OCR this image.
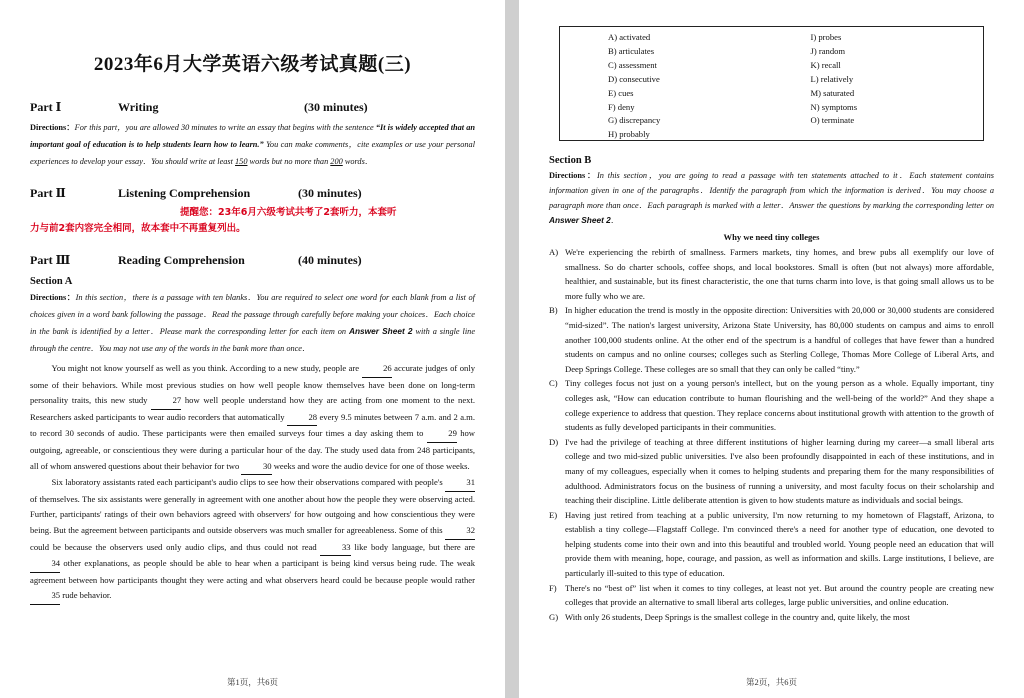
2023年6月大学英语六级考试真题(三)
Part Ⅰ	Writing	(30 minutes)
Directions：For this part，you are allowed 30 minutes to write an essay that begins with the sentence “It is widely accepted that an important goal of education is to help students learn how to learn.” You can make comments，cite examples or use your personal experiences to develop your essay．You should write at least 150 words but no more than 200 words．
Part Ⅱ	Listening Comprehension	(30 minutes)
提醒您：23年6月六级考试共考了2套听力，本套听
力与前2套内容完全相同，故本套中不再重复列出。
Part Ⅲ	Reading Comprehension	(40 minutes)
Section A
Directions：In this section，there is a passage with ten blanks．You are required to select one word for each blank from a list of choices given in a word bank following the passage．Read the passage through carefully before making your choices．Each choice in the bank is identified by a letter．Please mark the corresponding letter for each item on Answer Sheet 2 with a single line through the centre．You may not use any of the words in the bank more than once．

You might not know yourself as well as you think. According to a new study, people are	26 accurate judges of only some of their behaviors. While most previous studies on how well people know themselves have been done on long-term personality traits, this new study	27 how well people understand how they are acting from one moment to the next. Researchers asked participants to wear audio recorders that automatically	28 every 9.5 minutes between 7 a.m. and 2 a.m. to record 30 seconds of audio. These participants were then emailed surveys four times a day asking them to	29 how outgoing, agreeable, or conscientious they were during a particular hour of the day. The study used data from 248 participants, all of whom answered questions about their behavior for two	30 weeks and wore the audio device for one of those weeks.

Six laboratory assistants rated each participant's audio clips to see how their observations compared with people's	31 of themselves. The six assistants were generally in agreement with one another about how the people they were observing acted. Further, participants' ratings of their own behaviors agreed with observers' for how outgoing and how conscientious they were being. But the agreement between participants and outside observers was much smaller for agreeableness. Some of this	32 could be because the observers used only audio clips, and thus could not read	33 like body language, but there are 34 other explanations, as people should be able to hear when a participant is being kind versus being rude. The weak agreement between how participants thought they were acting and what observers heard could be because people would rather 35 rude behavior.

第1页，共6页
A) activated
B) articulates
C) assessment
D) consecutive
E) cues
F) deny
G) discrepancy
H) probably
I) probes
J) random
K) recall
L) relatively
M) saturated
N) symptoms
O) terminate
Section B
Directions：In this section，you are going to read a passage with ten statements attached to it．Each statement contains information given in one of the paragraphs．Identify the paragraph from which the information is derived．You may choose a paragraph more than once．Each paragraph is marked with a letter．Answer the questions by marking the corresponding letter on Answer Sheet 2．
Why we need tiny colleges
A) We're experiencing the rebirth of smallness. Farmers markets, tiny homes, and brew pubs all exemplify our love of smallness. So do charter schools, coffee shops, and local bookstores. Small is often (but not always) more affordable, healthier, and sustainable, but its finest characteristic, the one that turns charm into love, is that going small allows us to be more fully who we are.
B) In higher education the trend is mostly in the opposite direction: Universities with 20,000 or 30,000 students are considered “mid-sized”. The nation's largest university, Arizona State University, has 80,000 students on campus and aims to enroll another 100,000 students online. At the other end of the spectrum is a handful of colleges that have fewer than a hundred students on campus and no online courses; colleges such as Sterling College, Thomas More College of Liberal Arts, and Deep Springs College. These colleges are so small that they can only be called “tiny.”
C) Tiny colleges focus not just on a young person's intellect, but on the young person as a whole. Equally important, tiny colleges ask, “How can education contribute to human flourishing and the well-being of the world?” And they shape a college experience to address that question. They replace concerns about institutional growth with attention to the growth of students as fully developed participants in their communities.
D) I've had the privilege of teaching at three different institutions of higher learning during my career—a small liberal arts college and two mid-sized public universities. I've also been profoundly disappointed in each of these institutions, and in many of my colleagues, especially when it comes to helping students and preparing them for the many responsibilities of adulthood. Administrators focus on the business of running a university, and most faculty focus on their scholarship and teaching their discipline. Little deliberate attention is given to how students mature as individuals and social beings.
E) Having just retired from teaching at a public university, I'm now returning to my hometown of Flagstaff, Arizona, to establish a tiny college—Flagstaff College. I'm convinced there's a need for another type of education, one devoted to helping students come into their own and into this beautiful and troubled world. Young people need an education that will provide them with meaning, hope, courage, and passion, as well as information and skills. Large institutions, I believe, are particularly ill-suited to this type of education.
F) There's no “best of” list when it comes to tiny colleges, at least not yet. But around the country people are creating new colleges that provide an alternative to small liberal arts colleges, large public universities, and online education.
G) With only 26 students, Deep Springs is the smallest college in the country and, quite likely, the most
第2页，共6页
